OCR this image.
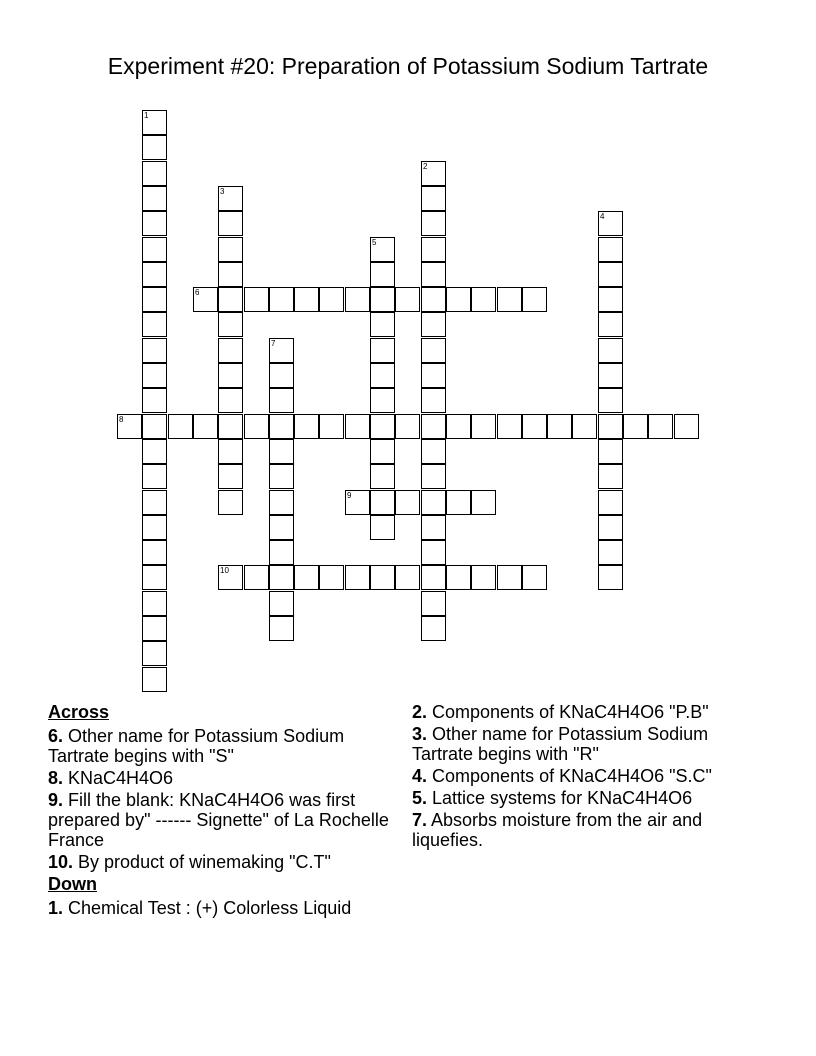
Experiment #20: Preparation of Potassium Sodium Tartrate
1
2
3
4
5
6
7
8
9
10
Across
6. Other name for Potassium Sodium Tartrate begins with "S"
8. KNaC4H4O6
9. Fill the blank: KNaC4H4O6 was first prepared by" ------ Signette" of La Rochelle France
10. By product of winemaking "C.T"
Down
1. Chemical Test : (+) Colorless Liquid
2. Components of KNaC4H4O6 "P.B"
3. Other name for Potassium Sodium Tartrate begins with "R"
4. Components of KNaC4H4O6 "S.C"
5. Lattice systems for KNaC4H4O6
7. Absorbs moisture from the air and liquefies.
